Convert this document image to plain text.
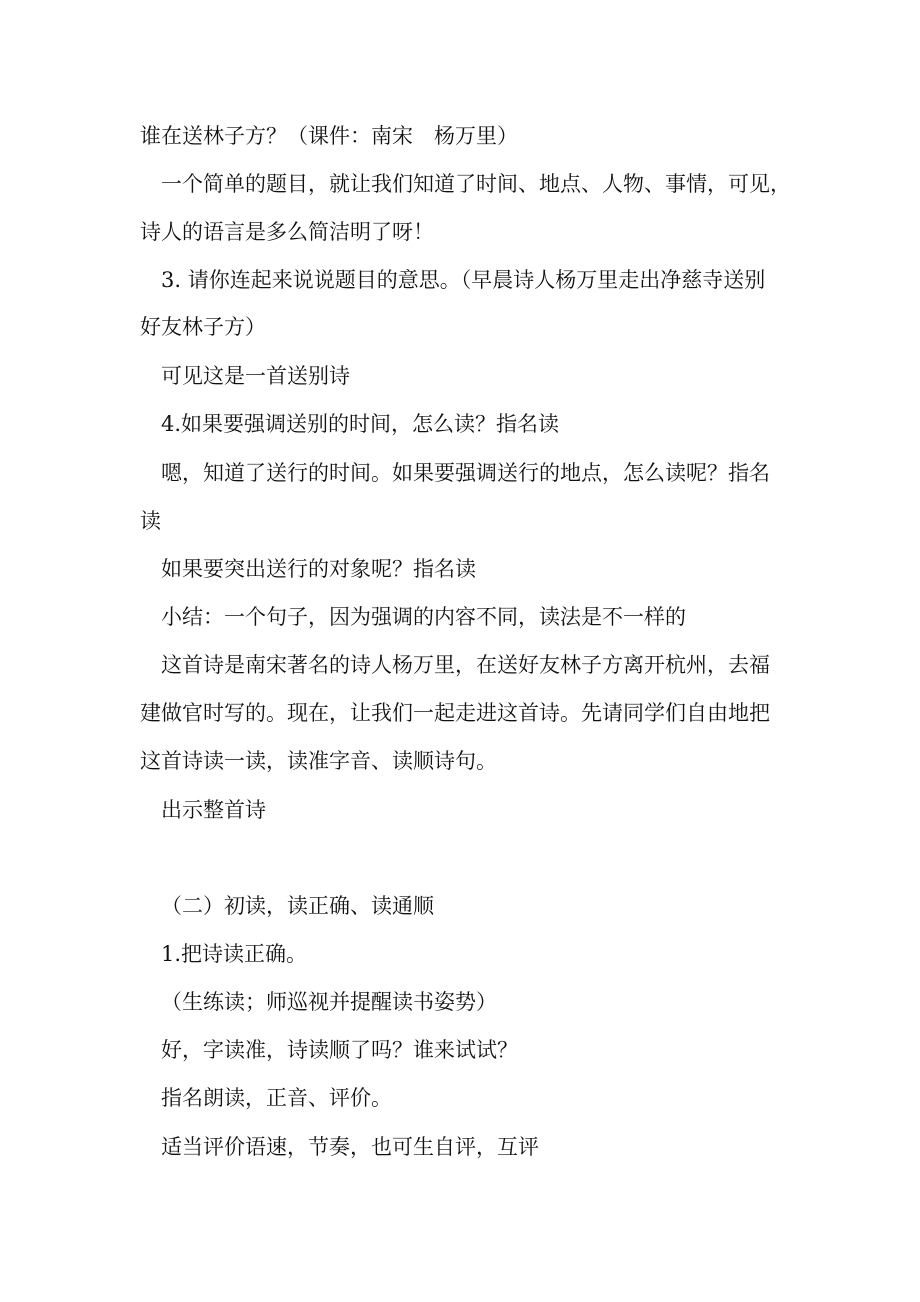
谁在送林子方？（课件：南宋　杨万里）
一个简单的题目，就让我们知道了时间、地点、人物、事情，可见，
诗人的语言是多么简洁明了呀！
3. 请你连起来说说题目的意思。（早晨诗人杨万里走出净慈寺送别
好友林子方）
可见这是一首送别诗
4.如果要强调送别的时间，怎么读？指名读
嗯，知道了送行的时间。如果要强调送行的地点，怎么读呢？指名
读
如果要突出送行的对象呢？指名读
小结：一个句子，因为强调的内容不同，读法是不一样的
这首诗是南宋著名的诗人杨万里，在送好友林子方离开杭州，去福
建做官时写的。现在，让我们一起走进这首诗。先请同学们自由地把
这首诗读一读，读准字音、读顺诗句。
出示整首诗
（二）初读，读正确、读通顺
1.把诗读正确。
（生练读；师巡视并提醒读书姿势）
好，字读准，诗读顺了吗？谁来试试？
指名朗读，正音、评价。
适当评价语速，节奏，也可生自评，互评
